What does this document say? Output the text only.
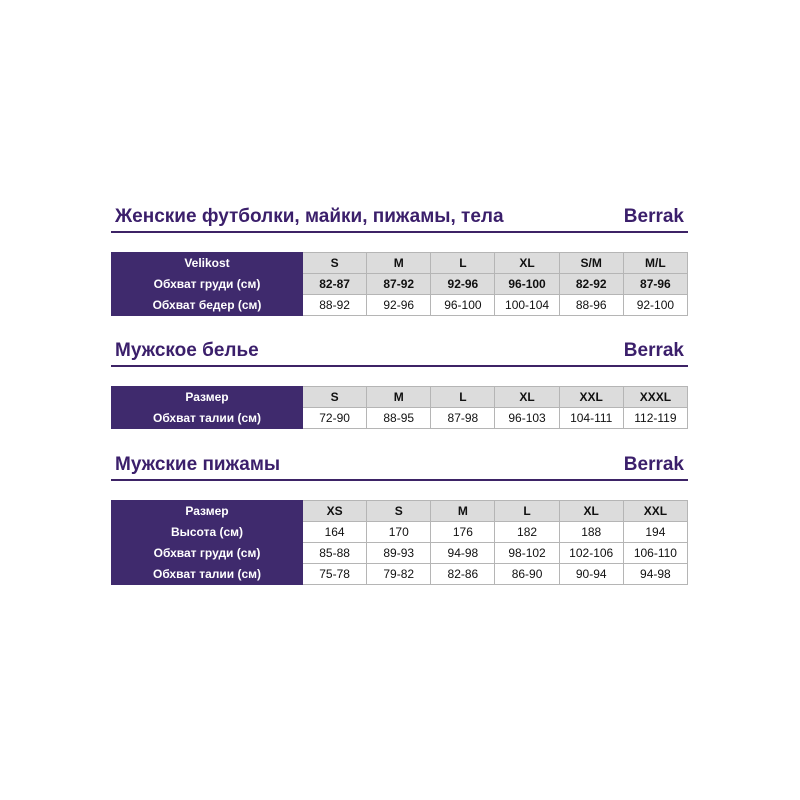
Женские футболки, майки, пижамы, тела	Berrak
Velikost	S	M	L	XL	S/M	M/L
Обхват груди (см)	82-87	87-92	92-96	96-100	82-92	87-96
Обхват бедер (см)	88-92	92-96	96-100	100-104	88-96	92-100
Мужское белье	Berrak
Размер	S	M	L	XL	XXL	XXXL
Обхват талии (см)	72-90	88-95	87-98	96-103	104-111	112-119
Мужские пижамы	Berrak
Размер	XS	S	M	L	XL	XXL
Высота (см)	164	170	176	182	188	194
Обхват груди (см)	85-88	89-93	94-98	98-102	102-106	106-110
Обхват талии (см)	75-78	79-82	82-86	86-90	90-94	94-98
